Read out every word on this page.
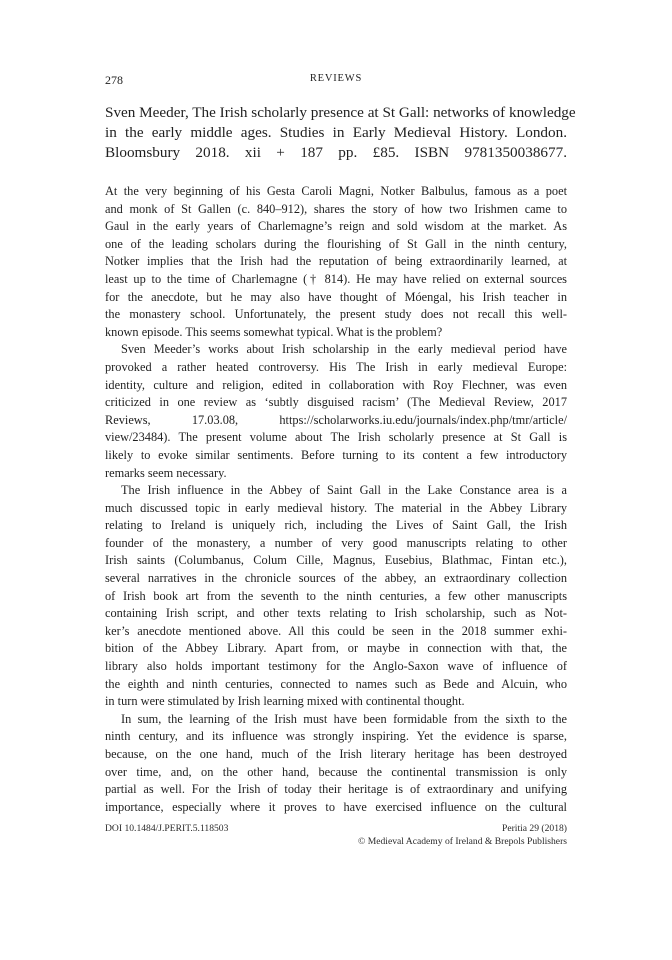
278	REVIEWS
Sven Meeder, The Irish scholarly presence at St Gall: networks of knowledge
in the early middle ages. Studies in Early Medieval History. London.
Bloomsbury 2018. xii + 187 pp. £85. ISBN 9781350038677.
At the very beginning of his Gesta Caroli Magni, Notker Balbulus, famous as a poet
and monk of St Gallen (c. 840–912), shares the story of how two Irishmen came to
Gaul in the early years of Charlemagne’s reign and sold wisdom at the market. As
one of the leading scholars during the flourishing of St Gall in the ninth century,
Notker implies that the Irish had the reputation of being extraordinarily learned, at
least up to the time of Charlemagne († 814). He may have relied on external sources
for the anecdote, but he may also have thought of Móengal, his Irish teacher in
the monastery school. Unfortunately, the present study does not recall this well-
known episode. This seems somewhat typical. What is the problem?
Sven Meeder’s works about Irish scholarship in the early medieval period have
provoked a rather heated controversy. His The Irish in early medieval Europe:
identity, culture and religion, edited in collaboration with Roy Flechner, was even
criticized in one review as ‘subtly disguised racism’ (The Medieval Review, 2017
Reviews, 17.03.08, https://scholarworks.iu.edu/journals/index.php/tmr/article/
view/23484). The present volume about The Irish scholarly presence at St Gall is
likely to evoke similar sentiments. Before turning to its content a few introductory
remarks seem necessary.
The Irish influence in the Abbey of Saint Gall in the Lake Constance area is a
much discussed topic in early medieval history. The material in the Abbey Library
relating to Ireland is uniquely rich, including the Lives of Saint Gall, the Irish
founder of the monastery, a number of very good manuscripts relating to other
Irish saints (Columbanus, Colum Cille, Magnus, Eusebius, Blathmac, Fintan etc.),
several narratives in the chronicle sources of the abbey, an extraordinary collection
of Irish book art from the seventh to the ninth centuries, a few other manuscripts
containing Irish script, and other texts relating to Irish scholarship, such as Not-
ker’s anecdote mentioned above. All this could be seen in the 2018 summer exhi-
bition of the Abbey Library. Apart from, or maybe in connection with that, the
library also holds important testimony for the Anglo-Saxon wave of influence of
the eighth and ninth centuries, connected to names such as Bede and Alcuin, who
in turn were stimulated by Irish learning mixed with continental thought.
In sum, the learning of the Irish must have been formidable from the sixth to the
ninth century, and its influence was strongly inspiring. Yet the evidence is sparse,
because, on the one hand, much of the Irish literary heritage has been destroyed
over time, and, on the other hand, because the continental transmission is only
partial as well. For the Irish of today their heritage is of extraordinary and unifying
importance, especially where it proves to have exercised influence on the cultural
DOI 10.1484/J.PERIT.5.118503	Peritia 29 (2018)
© Medieval Academy of Ireland & Brepols Publishers
